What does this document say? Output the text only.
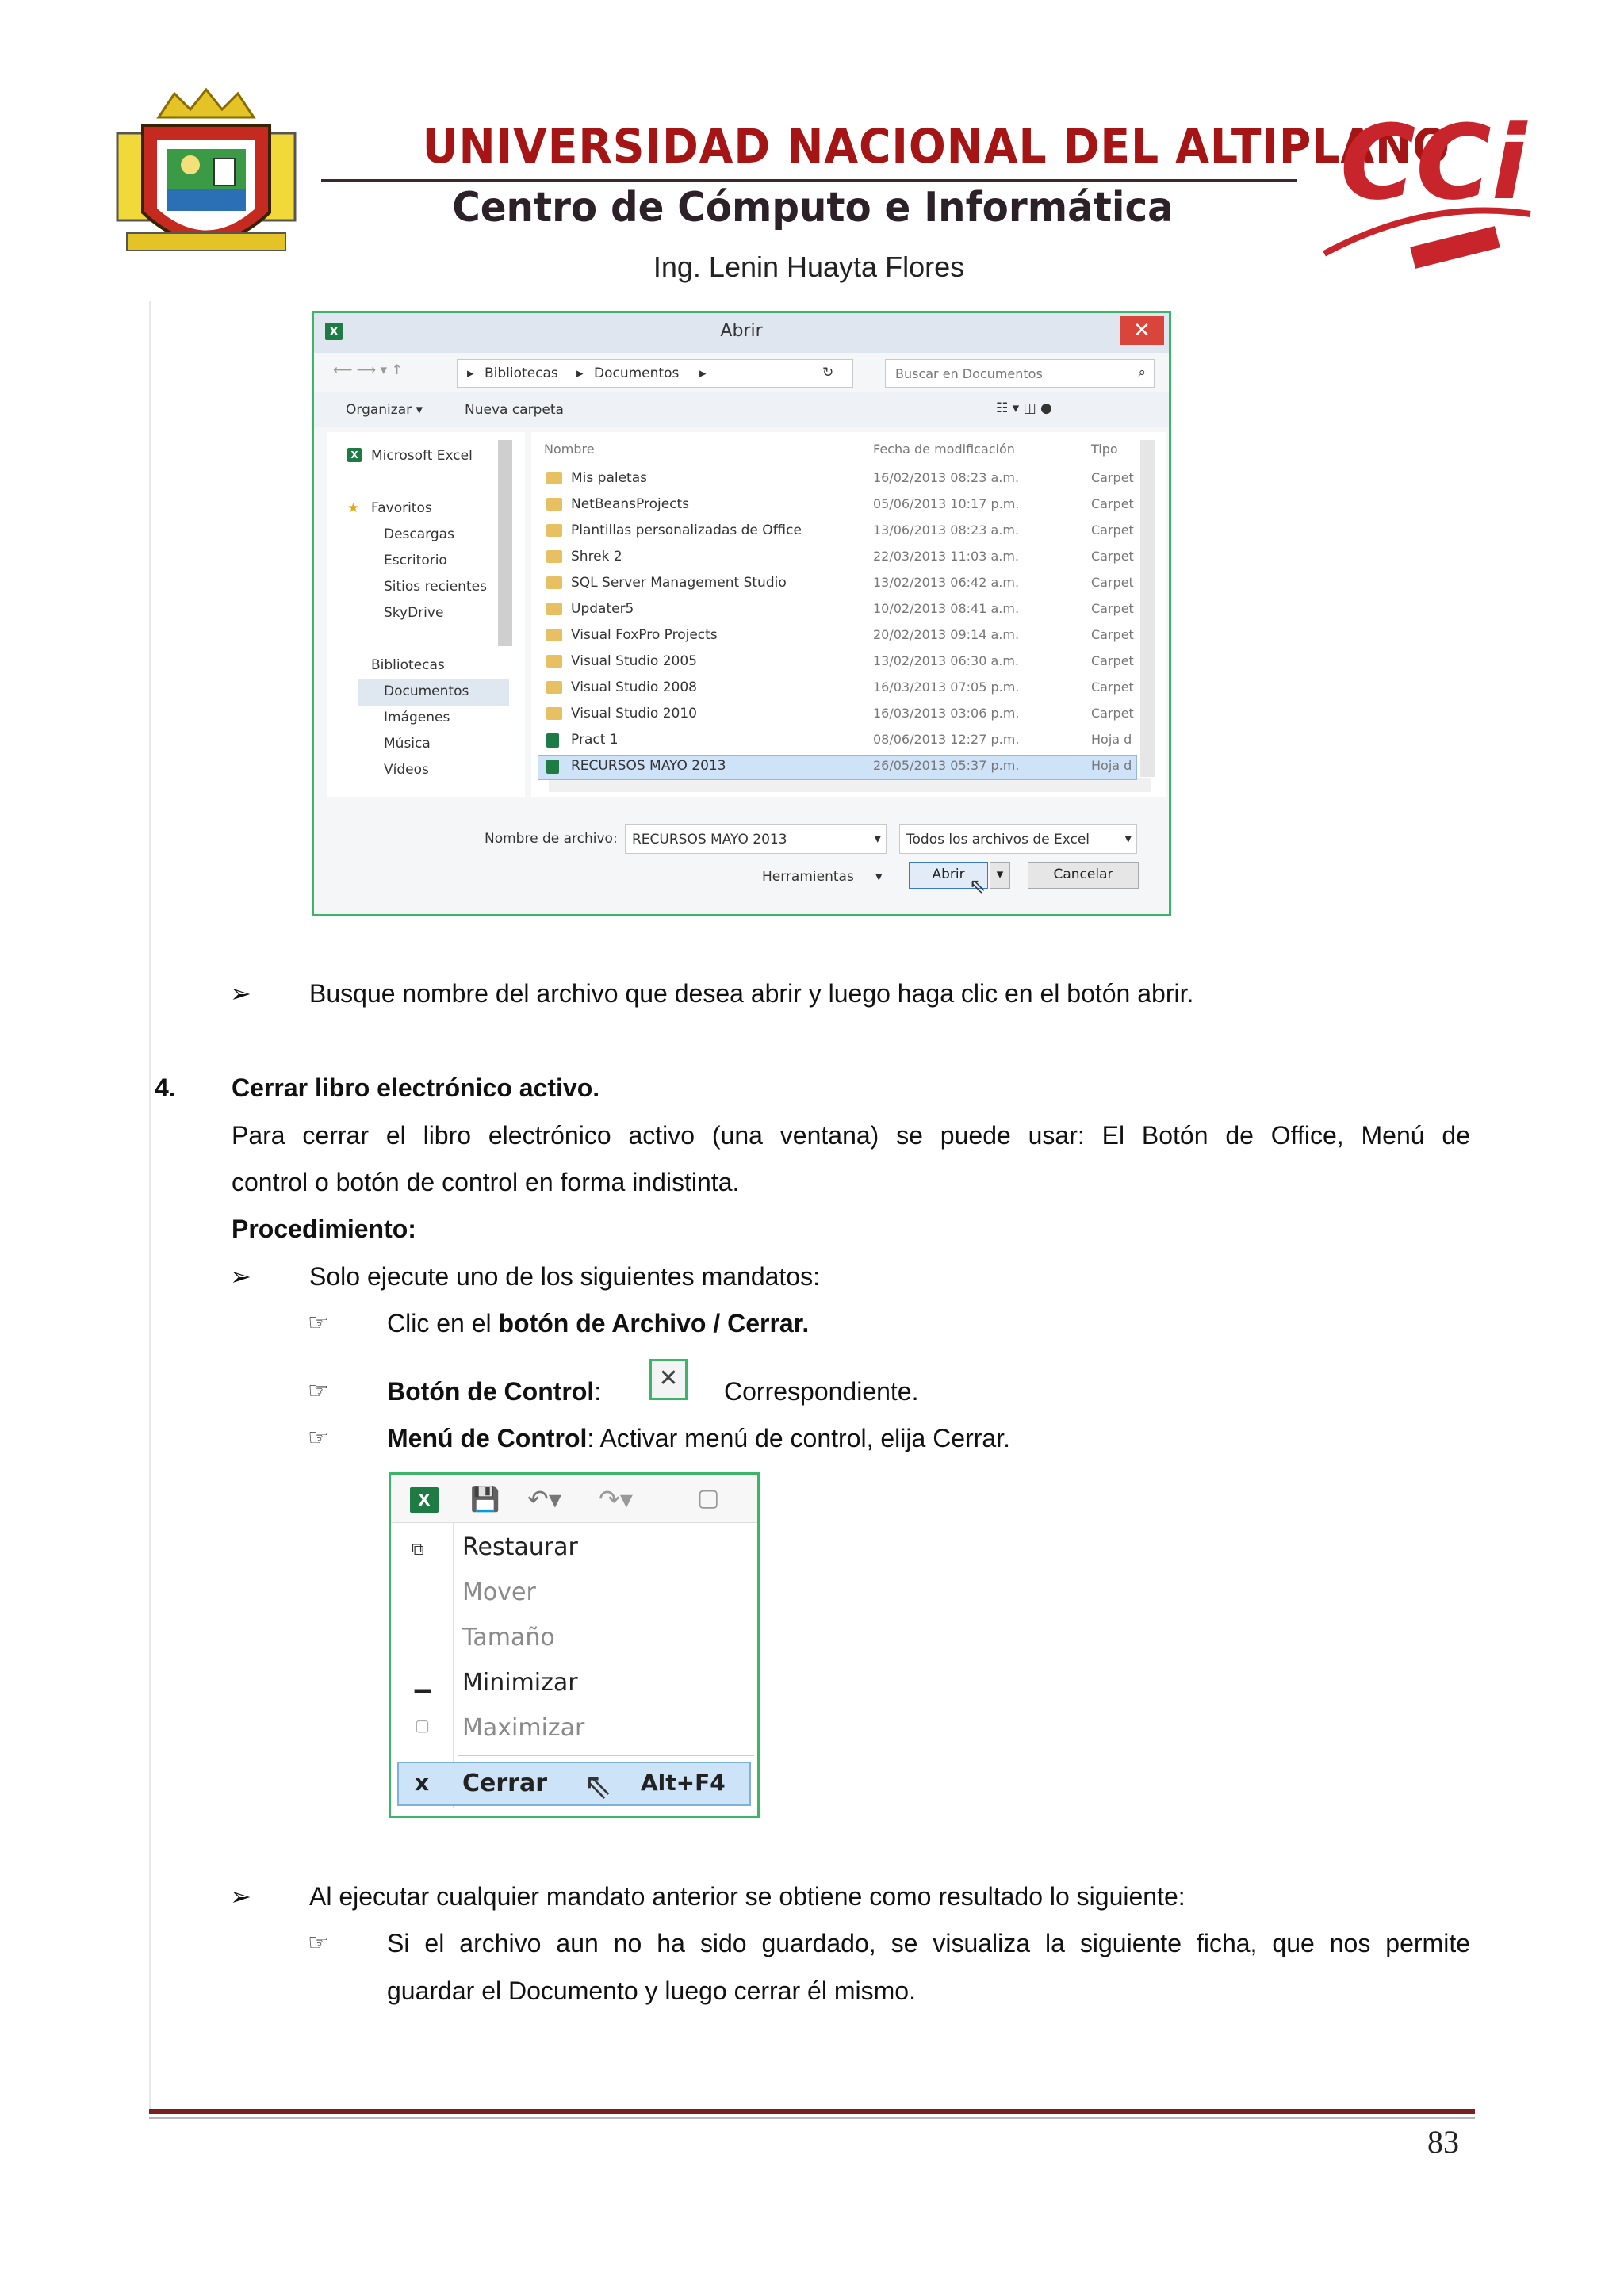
UNIVERSIDAD NACIONAL DEL ALTIPLANO
Centro de Cómputo e Informática
Ing. Lenin Huayta Flores
CCi
X	Abrir	✕
⟵ ⟶ ▾ ↑	▸ Bibliotecas ▸ Documentos ▸	↻	Buscar en Documentos	⌕
Organizar ▾	Nueva carpeta	☷ ▾ ◫ ●
X Microsoft Excel
★ Favoritos
Descargas
Escritorio
Sitios recientes
SkyDrive
Bibliotecas
Documentos
Imágenes
Música
Vídeos
Nombre	Fecha de modificación	Tipo
Mis paletas	16/02/2013 08:23 a.m.	Carpet
NetBeansProjects	05/06/2013 10:17 p.m.	Carpet
Plantillas personalizadas de Office	13/06/2013 08:23 a.m.	Carpet
Shrek 2	22/03/2013 11:03 a.m.	Carpet
SQL Server Management Studio	13/02/2013 06:42 a.m.	Carpet
Updater5	10/02/2013 08:41 a.m.	Carpet
Visual FoxPro Projects	20/02/2013 09:14 a.m.	Carpet
Visual Studio 2005	13/02/2013 06:30 a.m.	Carpet
Visual Studio 2008	16/03/2013 07:05 p.m.	Carpet
Visual Studio 2010	16/03/2013 03:06 p.m.	Carpet
Pract 1	08/06/2013 12:27 p.m.	Hoja d
RECURSOS MAYO 2013	26/05/2013 05:37 p.m.	Hoja d
Nombre de archivo: RECURSOS MAYO 2013	▾ Todos los archivos de Excel	▾
Herramientas ▾	Abrir	▾	Cancelar
⇖
➢ Busque nombre del archivo que desea abrir y luego haga clic en el botón abrir.
4. Cerrar libro electrónico activo.
Para cerrar el libro electrónico activo (una ventana) se puede usar: El Botón de Office, Menú de
control o botón de control en forma indistinta.
Procedimiento:
➢ Solo ejecute uno de los siguientes mandatos:
☞ Clic en el botón de Archivo / Cerrar.
☞ Botón de Control:	✕	Correspondiente.
☞ Menú de Control: Activar menú de control, elija Cerrar.
X	💾 ↶▾ ↷▾	▢
⧉ Restaurar
Mover
Tamaño
▁ Minimizar
▢ Maximizar
x Cerrar	Alt+F4
⇖
➢ Al ejecutar cualquier mandato anterior se obtiene como resultado lo siguiente:
☞ Si el archivo aun no ha sido guardado, se visualiza la siguiente ficha, que nos permite
guardar el Documento y luego cerrar él mismo.
83
